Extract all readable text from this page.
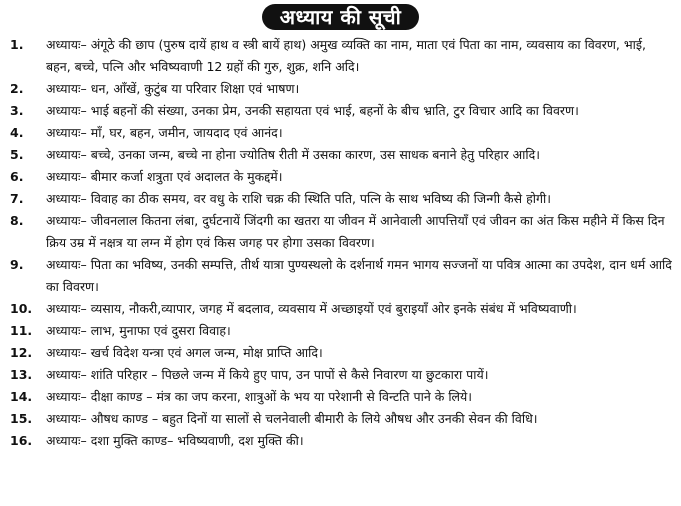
अध्याय की सूची
1.	अध्यायः– अंगूठे की छाप (पुरुष दायें हाथ व स्त्री बायें हाथ) अमुख व्यक्ति का नाम, माता एवं पिता का नाम, व्यवसाय का विवरण, भाई, बहन, बच्चे, पत्नि और भविष्यवाणी 12 ग्रहों की गुरु, शुक्र, शनि अदि।
2.	अध्यायः– धन, आँखें, कुटुंब या परिवार शिक्षा एवं भाषण।
3.	अध्यायः– भाई बहनों की संख्या, उनका प्रेम, उनकी सहायता एवं भाई, बहनों के बीच भ्राति, टुर विचार आदि का विवरण।
4.	अध्यायः– माँ, घर, बहन, जमीन, जायदाद एवं आनंद।
5.	अध्यायः– बच्चे, उनका जन्म, बच्चे ना होना ज्योतिष रीती में उसका कारण, उस साधक बनाने हेतु परिहार आदि।
6.	अध्यायः– बीमार कर्जा शत्रुता एवं अदालत के मुकद्दमें।
7.	अध्यायः– विवाह का ठीक समय, वर वधु के राशि चक्र की स्थिति पति, पत्नि के साथ भविष्य की जिन्गी कैसे होगी।
8.	अध्यायः– जीवनलाल कितना लंबा, दुर्घटनायें जिंदगी का खतरा या जीवन में आनेवाली आपत्तियाँ एवं जीवन का अंत किस महीने में किस दिन क्रिय उम्र में नक्षत्र या लग्न में होग एवं किस जगह पर होगा उसका विवरण।
9.	अध्यायः– पिता का भविष्य, उनकी सम्पत्ति, तीर्थ यात्रा पुण्यस्थलो के दर्शनार्थ गमन भागय सज्जनों या पवित्र आत्मा का उपदेश, दान धर्म आदि का विवरण।
10.	अध्यायः– व्यसाय, नौकरी,व्यापार, जगह में बदलाव, व्यवसाय में अच्छाइयों एवं बुराइयाँ ओर इनके संबंध में भविष्यवाणी।
11.	अध्यायः– लाभ, मुनाफा एवं दुसरा विवाह।
12.	अध्यायः– खर्च विदेश यन्त्रा एवं अगल जन्म, मोक्ष प्राप्ति आदि।
13.	अध्यायः– शांति परिहार – पिछले जन्म में किये हुए पाप, उन पापों से कैसे निवारण या छुटकारा पायें।
14.	अध्यायः– दीक्षा काण्ड – मंत्र का जप करना, शात्रुओं के भय या परेशानी से विन्टति पाने के लिये।
15.	अध्यायः– औषध काण्ड – बहुत दिनों या सालों से चलनेवाली बीमारी के लिये औषध और उनकी सेवन की विधि।
16.	अध्यायः– दशा मुक्ति काण्ड– भविष्यवाणी, दश मुक्ति की।
